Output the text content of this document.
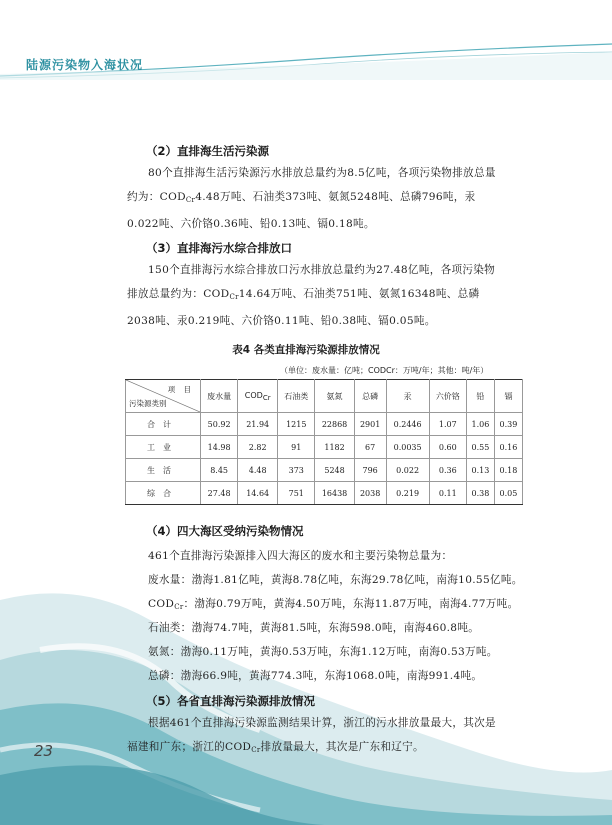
陆源污染物入海状况
（2）直排海生活污染源
80个直排海生活污染源污水排放总量约为8.5亿吨，各项污染物排放总量约为：$COD_{Cr}4.48$万吨、石油类373吨、氨氮5248吨、总磷796吨，汞0.022吨、六价铬0.36吨、铅0.13吨、镉0.18吨。
（3）直排海污水综合排放口
150个直排海污水综合排放口污水排放总量约为27.48亿吨，各项污染物排放总量约为：$COD_{Cr}14.64$万吨、石油类751吨、氨氮16348吨、总磷2038吨、汞0.219吨、六价铬0.11吨、铅0.38吨、镉0.05吨。
表4 各类直排海污染源排放情况
（单位：废水量：亿吨；CODCr：万吨/年；其他：吨/年）
项 目
污染源类别	废水量	$COD_{Cr}$	石油类	氨氮	总磷	汞	六价铬	铅	镉
合计	50.92	21.94	1215	22868	2901	0.2446	1.07	1.06	0.39
工业	14.98	2.82	91	1182	67	0.0035	0.60	0.55	0.16
生活	8.45	4.48	373	5248	796	0.022	0.36	0.13	0.18
综合	27.48	14.64	751	16438	2038	0.219	0.11	0.38	0.05
（4）四大海区受纳污染物情况
461个直排海污染源排入四大海区的废水和主要污染物总量为：
废水量：渤海1.81亿吨，黄海8.78亿吨，东海29.78亿吨，南海10.55亿吨。
$COD_{Cr}$：渤海0.79万吨，黄海4.50万吨，东海11.87万吨，南海4.77万吨。
石油类：渤海74.7吨，黄海81.5吨，东海598.0吨，南海460.8吨。
氨氮：渤海0.11万吨，黄海0.53万吨，东海1.12万吨，南海0.53万吨。
总磷：渤海66.9吨，黄海774.3吨，东海1068.0吨，南海991.4吨。
（5）各省直排海污染源排放情况
根据461个直排海污染源监测结果计算，浙江的污水排放量最大，其次是福建和广东；浙江的$COD_{Cr}$排放量最大，其次是广东和辽宁。
23
